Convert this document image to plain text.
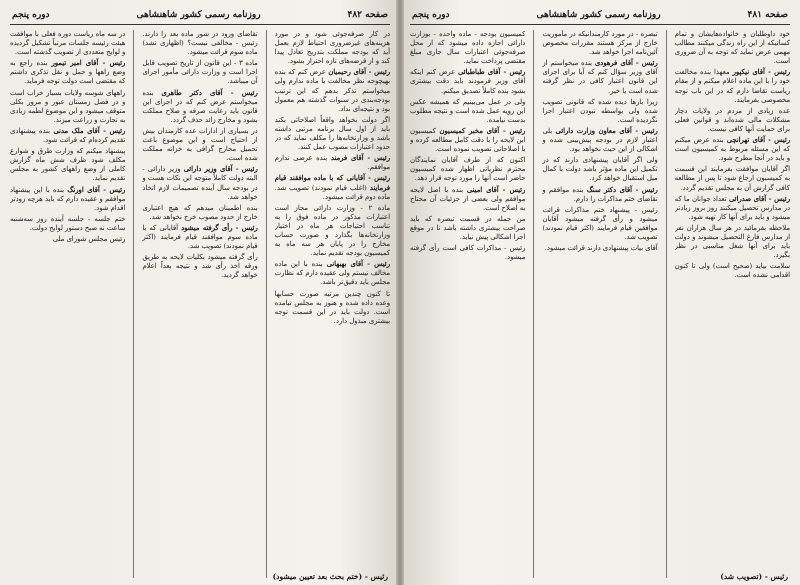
صفحه ۴۸۲
روزنامه رسمی کشور شاهنشاهی
دوره پنجم

در کار صرفه‌جوئی شود و در مورد هزینه‌های غیرضروری احتیاط لازم بعمل آید که بودجه مملکت بتدریج تعادل پیدا کند و از قرضه‌های تازه احتراز بشود.

رئیس - آقای رحیمیان عرض کنم که بنده بهیچوجه نظر مخالفت با ماده ندارم ولی میخواستم تذکر بدهم که این ترتیب بودجه‌بندی در سنوات گذشته هم معمول بود و نتیجه‌ای نداد.

اگر دولت بخواهد واقعاً اصلاحاتی بکند باید از اول سال برنامه مرتبی داشته باشد و وزارتخانه‌ها را مکلف نماید که در حدود اعتبارات مصوب عمل کنند.

رئیس - آقای فرمند بنده عرضی ندارم موافقم.

رئیس - آقایانی که با ماده موافقند قیام فرمایند (اغلب قیام نمودند) تصویب شد. ماده دوم قرائت میشود.

ماده ۲ - وزارت دارائی مجاز است اعتبارات مذکور در ماده فوق را به تناسب احتیاجات هر ماه در اختیار وزارتخانه‌ها بگذارد و صورت حساب مخارج را در پایان هر سه ماه به کمیسیون بودجه تقدیم نماید.

رئیس - آقای بهبهانی بنده با این ماده مخالف نیستم ولی عقیده دارم که نظارت مجلس باید دقیق‌تر باشد.

تا کنون چندین مرتبه صورت حسابها وعده داده شده و هنوز به مجلس نیامده است. دولت باید در این قسمت توجه بیشتری مبذول دارد.

تقاضای ورود در شور ماده بعد را دارند. رئیس - مخالفی نیست؟ (اظهاری نشد) ماده سوم قرائت میشود.

ماده ۳ - این قانون از تاریخ تصویب قابل اجرا است و وزارت دارائی مأمور اجرای آن میباشد.

رئیس - آقای دکتر طاهری بنده میخواستم عرض کنم که در اجرای این قانون باید رعایت صرفه و صلاح مملکت بشود و مخارج زائد حذف گردد.

در بسیاری از ادارات عده کارمندان بیش از احتیاج است و این موضوع باعث تحمیل مخارج گزافی به خزانه مملکت شده است.

رئیس - آقای وزیر دارائی وزیر دارائی - البته دولت کاملاً متوجه این نکات هست و در بودجه سال آینده تصمیمات لازم اتخاذ خواهد شد.

بنده اطمینان میدهم که هیچ اعتباری خارج از حدود مصوب خرج نخواهد شد.

رئیس - رأی گرفته میشود آقایانی که با ماده سوم موافقند قیام فرمایند (اکثر قیام نمودند) تصویب شد.

رأی گرفته میشود بکلیات لایحه به طریق ورقه اخذ رأی شد و نتیجه بعداً اعلام خواهد گردید.

در سه ماه ریاست دوره فعلی با موافقت هیئت رئیسه جلسات مرتباً تشکیل گردیده و لوایح متعددی از تصویب گذشته است.

رئیس - آقای امیر تیمور بنده راجع به وضع راهها و حمل و نقل تذکری داشتم که مقتضی است دولت توجه فرماید.

راههای شوسه ولایات بسیار خراب است و در فصل زمستان عبور و مرور بکلی متوقف میشود و این موضوع لطمه زیادی به تجارت و زراعت میزند.

رئیس - آقای ملک مدنی بنده پیشنهادی تقدیم کرده‌ام که قرائت شود.

پیشنهاد میکنم که وزارت طرق و شوارع مکلف شود ظرف شش ماه گزارش کاملی از وضع راههای کشور به مجلس تقدیم نماید.

رئیس - آقای اورنگ بنده با این پیشنهاد موافقم و عقیده دارم که باید هرچه زودتر اقدام شود.

ختم جلسه - جلسه آینده روز سه‌شنبه ساعت نه صبح دستور لوایح دولت.

رئیس مجلس شورای ملی

رئیس - (ختم بحث بعد تعیین میشود)
صفحه ۴۸۱
روزنامه رسمی کشور شاهنشاهی
دوره پنجم

خود داوطلبان و خانواده‌هایشان و تمام کسانیکه از این راه زندگی میکنند مطالب مهمی عرض نماید که توجه به آن ضروری است.

رئیس - آقای نیکپور معهذا بنده مخالفت خود را با این ماده اعلام میکنم و از مقام ریاست تقاضا دارم که در این باب توجه مخصوصی بفرمایند.

عده زیادی از مردم در ولایات دچار مشکلات مالی شده‌اند و قوانین فعلی برای حمایت آنها کافی نیست.

رئیس - آقای تهرانچی بنده عرض میکنم که این مسئله مربوط به کمیسیون است و باید در آنجا مطرح شود.

اگر آقایان موافقت بفرمایند این قسمت به کمیسیون ارجاع شود تا پس از مطالعه کافی گزارش آن به مجلس تقدیم گردد.

رئیس - آقای صدرائی تعداد جوانان ما که در مدارس تحصیل میکنند روز بروز زیادتر میشود و باید برای آنها کار تهیه شود.

ملاحظه بفرمائید در هر سال هزاران نفر از مدارس فارغ التحصیل میشوند و دولت باید برای آنها شغل مناسبی در نظر بگیرد.

سلامت بیاید (صحیح است) ولی تا کنون اقدامی نشده است.

تبصره - در مورد کارمندانیکه در مأموریت خارج از مرکز هستند مقررات مخصوص آئین‌نامه اجرا خواهد شد.

رئیس - آقای فرهودی بنده میخواستم از آقای وزیر سؤال کنم که آیا برای اجرای این قانون اعتبار کافی در نظر گرفته شده است یا خیر.

زیرا بارها دیده شده که قانونی تصویب شده ولی بواسطه نبودن اعتبار اجرا نگردیده است.

رئیس - آقای معاون وزارت دارائی بلی اعتبار لازم در بودجه پیش‌بینی شده و اشکالی از این حیث نخواهد بود.

ولی اگر آقایان پیشنهادی دارند که در تکمیل این ماده مؤثر باشد دولت با کمال میل استقبال خواهد کرد.

رئیس - آقای دکتر سنگ بنده موافقم و تقاضای ختم مذاکرات را دارم.

رئیس - پیشنهاد ختم مذاکرات قرائت میشود و رأی گرفته میشود آقایان موافقین قیام فرمایند (اکثر قیام نمودند) تصویب شد.

آقای بیات پیشنهادی دارند قرائت میشود.

کمیسیون بودجه - ماده واحده - بوزارت دارائی اجازه داده میشود که از محل صرفه‌جوئی اعتبارات سال جاری مبلغ مقتضی پرداخت نماید.

رئیس - آقای طباطبائی عرض کنم اینکه آقای وزیر فرمودند باید دقت بیشتری بشود بنده کاملاً تصدیق میکنم.

ولی در عمل می‌بینیم که همیشه عکس این رویه عمل شده است و نتیجه مطلوب بدست نیامده.

رئیس - آقای مخبر کمیسیون کمیسیون این لایحه را با دقت کامل مطالعه کرده و با اصلاحاتی تصویب نموده است.

اکنون که از طرف آقایان نمایندگان محترم نظریاتی اظهار شده کمیسیون حاضر است آنها را مورد توجه قرار دهد.

رئیس - آقای امینی بنده با اصل لایحه موافقم ولی بعضی از جزئیات آن محتاج به اصلاح است.

من جمله در قسمت تبصره که باید صراحت بیشتری داشته باشد تا در موقع اجرا اشکالی پیش نیاید.

رئیس - مذاکرات کافی است رأی گرفته میشود.

رئیس - (تصویب شد)
